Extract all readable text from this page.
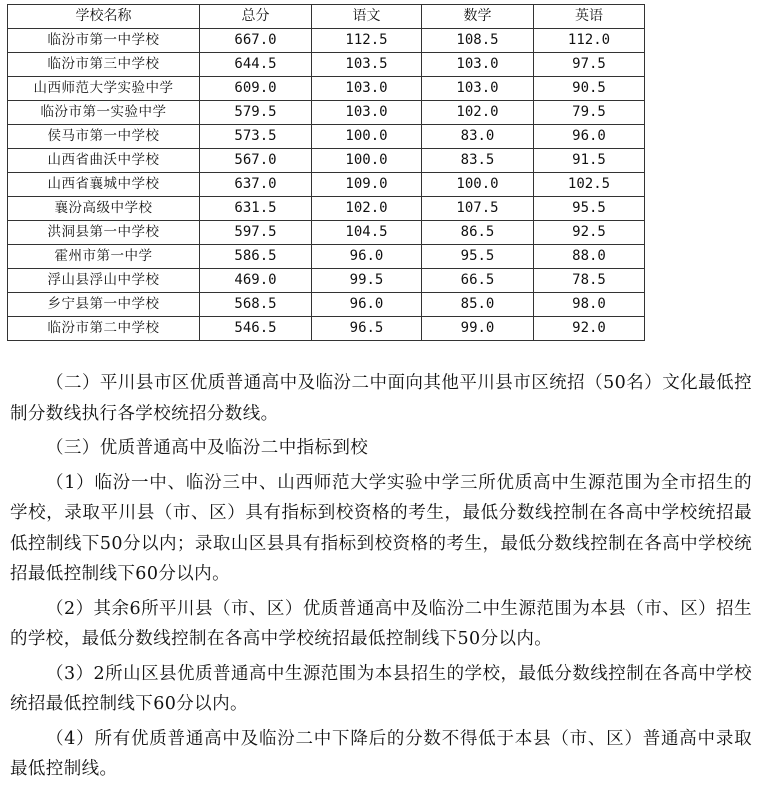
学校名称	总分	语文	数学	英语
临汾市第一中学校	667.0	112.5	108.5	112.0
临汾市第三中学校	644.5	103.5	103.0	97.5
山西师范大学实验中学	609.0	103.0	103.0	90.5
临汾市第一实验中学	579.5	103.0	102.0	79.5
侯马市第一中学校	573.5	100.0	83.0	96.0
山西省曲沃中学校	567.0	100.0	83.5	91.5
山西省襄城中学校	637.0	109.0	100.0	102.5
襄汾高级中学校	631.5	102.0	107.5	95.5
洪洞县第一中学校	597.5	104.5	86.5	92.5
霍州市第一中学	586.5	96.0	95.5	88.0
浮山县浮山中学校	469.0	99.5	66.5	78.5
乡宁县第一中学校	568.5	96.0	85.0	98.0
临汾市第二中学校	546.5	96.5	99.0	92.0

（二）平川县市区优质普通高中及临汾二中面向其他平川县市区统招（50名）文化最低控制分数线执行各学校统招分数线。

（三）优质普通高中及临汾二中指标到校

（1）临汾一中、临汾三中、山西师范大学实验中学三所优质高中生源范围为全市招生的学校，录取平川县（市、区）具有指标到校资格的考生，最低分数线控制在各高中学校统招最低控制线下50分以内；录取山区县具有指标到校资格的考生，最低分数线控制在各高中学校统招最低控制线下60分以内。

（2）其余6所平川县（市、区）优质普通高中及临汾二中生源范围为本县（市、区）招生的学校，最低分数线控制在各高中学校统招最低控制线下50分以内。

（3）2所山区县优质普通高中生源范围为本县招生的学校，最低分数线控制在各高中学校统招最低控制线下60分以内。

（4）所有优质普通高中及临汾二中下降后的分数不得低于本县（市、区）普通高中录取最低控制线。
